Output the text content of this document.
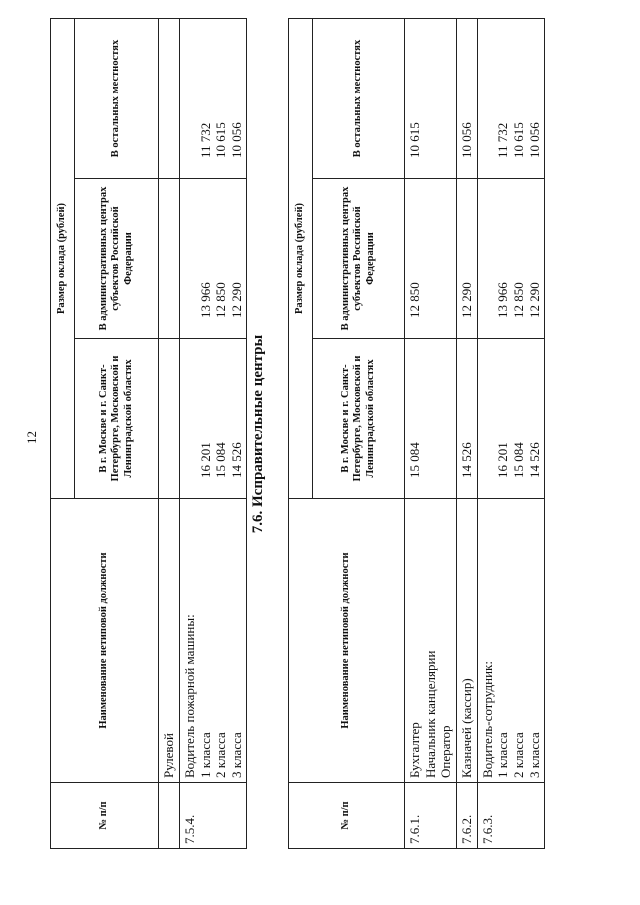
12
№ п/п	Наименование нетиповой должности	Размер оклада (рублей)		
		В г. Москве и г. Санкт-Петербурге, Московской и Ленинградской областях	В административных центрах субъектов Российской Федерации	В остальных местностях
	Рулевой			
7.5.4.	Водитель пожарной машины: 1 класса 2 класса 3 класса	16 201 15 084 14 526	13 966 12 850 12 290	11 732 10 615 10 056
7.6. Исправительные центры
№ п/п	Наименование нетиповой должности	Размер оклада (рублей)		
		В г. Москве и г. Санкт-Петербурге, Московской и Ленинградской областях	В административных центрах субъектов Российской Федерации	В остальных местностях
7.6.1.	Бухгалтер Начальник канцелярии Оператор	15 084	12 850	10 615
7.6.2.	Казначей (кассир)	14 526	12 290	10 056
7.6.3.	Водитель-сотрудник: 1 класса 2 класса 3 класса	16 201 15 084 14 526	13 966 12 850 12 290	11 732 10 615 10 056
